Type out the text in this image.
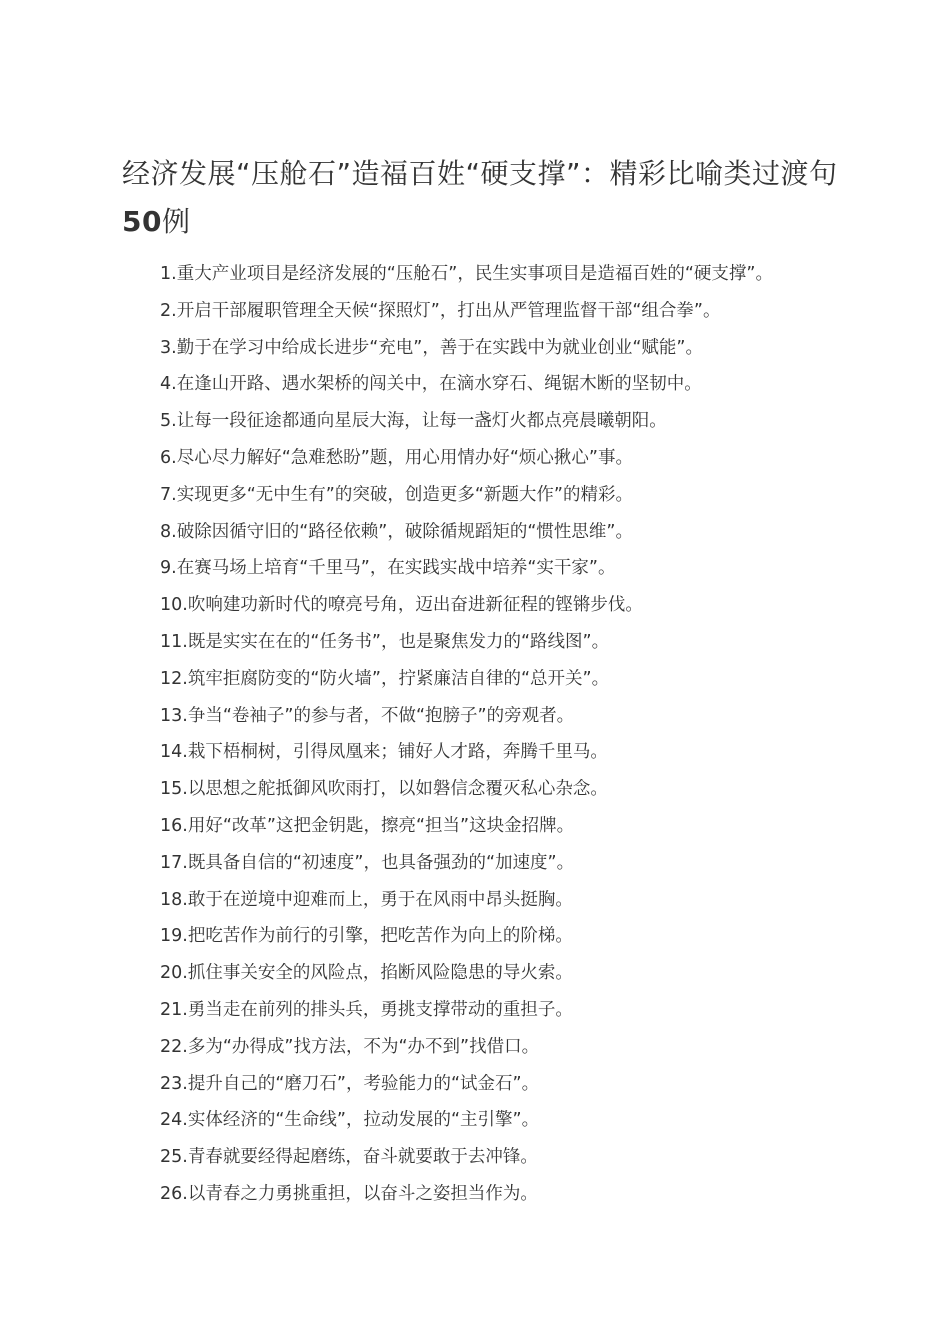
经济发展“压舱石”造福百姓“硬支撑”：精彩比喻类过渡句50例
1.重大产业项目是经济发展的“压舱石”，民生实事项目是造福百姓的“硬支撑”。
2.开启干部履职管理全天候“探照灯”，打出从严管理监督干部“组合拳”。
3.勤于在学习中给成长进步“充电”，善于在实践中为就业创业“赋能”。
4.在逢山开路、遇水架桥的闯关中，在滴水穿石、绳锯木断的坚韧中。
5.让每一段征途都通向星辰大海，让每一盏灯火都点亮晨曦朝阳。
6.尽心尽力解好“急难愁盼”题，用心用情办好“烦心揪心”事。
7.实现更多“无中生有”的突破，创造更多“新题大作”的精彩。
8.破除因循守旧的“路径依赖”，破除循规蹈矩的“惯性思维”。
9.在赛马场上培育“千里马”，在实践实战中培养“实干家”。
10.吹响建功新时代的嘹亮号角，迈出奋进新征程的铿锵步伐。
11.既是实实在在的“任务书”，也是聚焦发力的“路线图”。
12.筑牢拒腐防变的“防火墙”，拧紧廉洁自律的“总开关”。
13.争当“卷袖子”的参与者，不做“抱膀子”的旁观者。
14.栽下梧桐树，引得凤凰来；铺好人才路，奔腾千里马。
15.以思想之舵抵御风吹雨打，以如磐信念覆灭私心杂念。
16.用好“改革”这把金钥匙，擦亮“担当”这块金招牌。
17.既具备自信的“初速度”，也具备强劲的“加速度”。
18.敢于在逆境中迎难而上，勇于在风雨中昂头挺胸。
19.把吃苦作为前行的引擎，把吃苦作为向上的阶梯。
20.抓住事关安全的风险点，掐断风险隐患的导火索。
21.勇当走在前列的排头兵，勇挑支撑带动的重担子。
22.多为“办得成”找方法，不为“办不到”找借口。
23.提升自己的“磨刀石”，考验能力的“试金石”。
24.实体经济的“生命线”，拉动发展的“主引擎”。
25.青春就要经得起磨练，奋斗就要敢于去冲锋。
26.以青春之力勇挑重担，以奋斗之姿担当作为。
